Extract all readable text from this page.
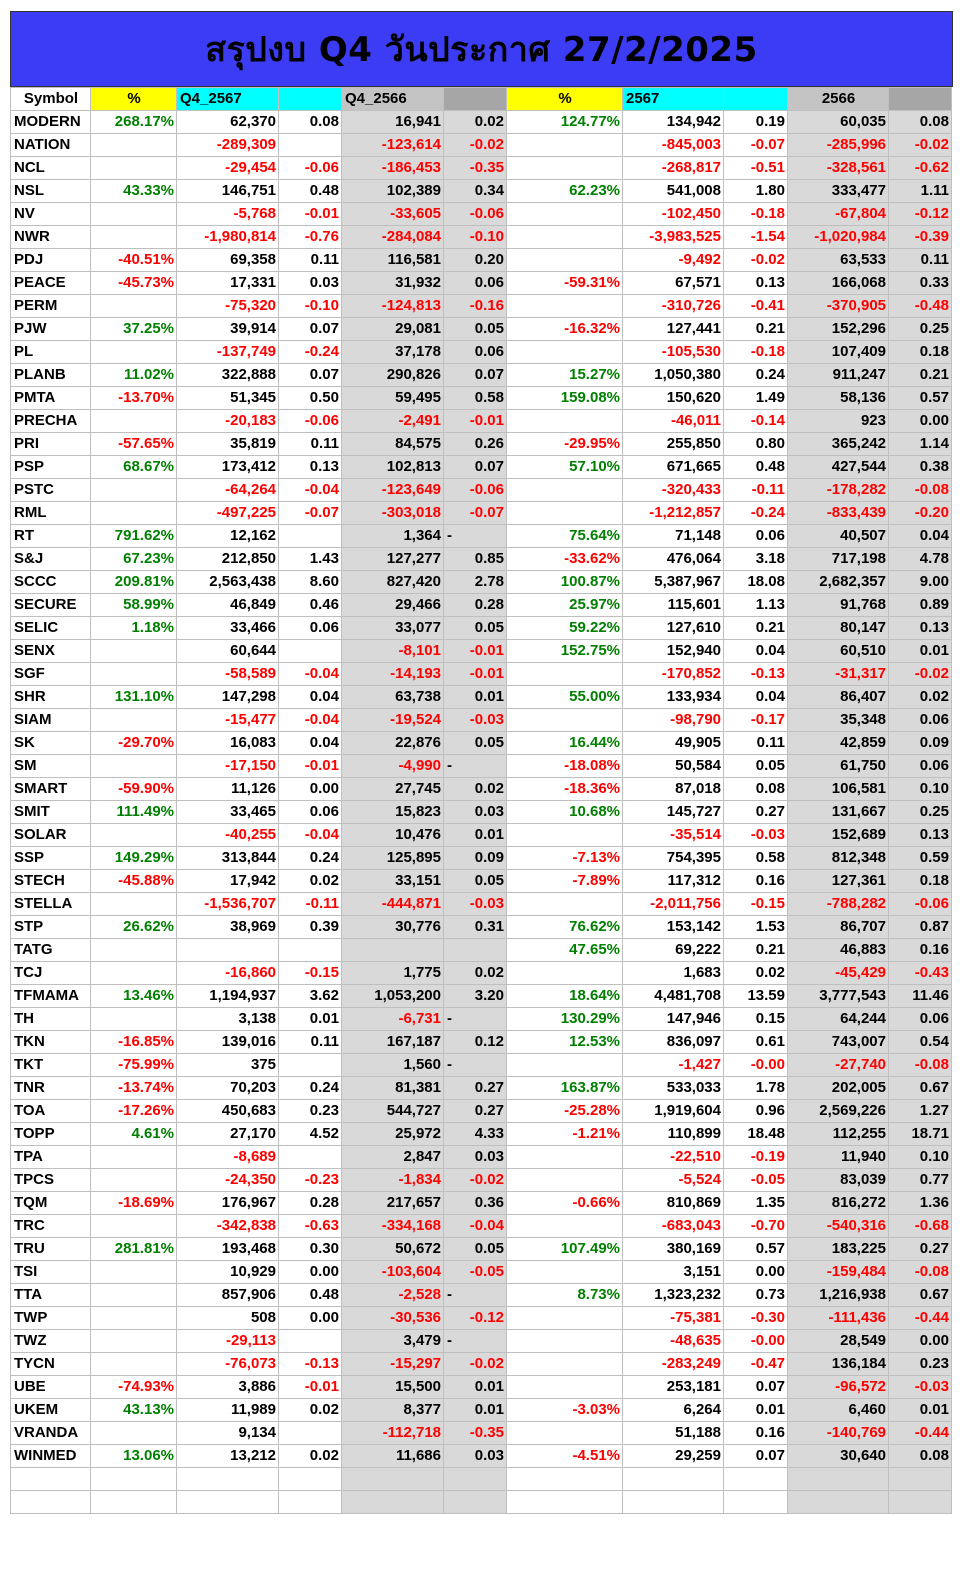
สรุปงบ Q4 วันประกาศ 27/2/2025
Symbol	%	Q4_2567		Q4_2566		%	2567		2566	
MODERN	268.17%	62,370	0.08	16,941	0.02	124.77%	134,942	0.19	60,035	0.08
NATION		-289,309		-123,614	-0.02		-845,003	-0.07	-285,996	-0.02
NCL		-29,454	-0.06	-186,453	-0.35		-268,817	-0.51	-328,561	-0.62
NSL	43.33%	146,751	0.48	102,389	0.34	62.23%	541,008	1.80	333,477	1.11
NV		-5,768	-0.01	-33,605	-0.06		-102,450	-0.18	-67,804	-0.12
NWR		-1,980,814	-0.76	-284,084	-0.10		-3,983,525	-1.54	-1,020,984	-0.39
PDJ	-40.51%	69,358	0.11	116,581	0.20		-9,492	-0.02	63,533	0.11
PEACE	-45.73%	17,331	0.03	31,932	0.06	-59.31%	67,571	0.13	166,068	0.33
PERM		-75,320	-0.10	-124,813	-0.16		-310,726	-0.41	-370,905	-0.48
PJW	37.25%	39,914	0.07	29,081	0.05	-16.32%	127,441	0.21	152,296	0.25
PL		-137,749	-0.24	37,178	0.06		-105,530	-0.18	107,409	0.18
PLANB	11.02%	322,888	0.07	290,826	0.07	15.27%	1,050,380	0.24	911,247	0.21
PMTA	-13.70%	51,345	0.50	59,495	0.58	159.08%	150,620	1.49	58,136	0.57
PRECHA		-20,183	-0.06	-2,491	-0.01		-46,011	-0.14	923	0.00
PRI	-57.65%	35,819	0.11	84,575	0.26	-29.95%	255,850	0.80	365,242	1.14
PSP	68.67%	173,412	0.13	102,813	0.07	57.10%	671,665	0.48	427,544	0.38
PSTC		-64,264	-0.04	-123,649	-0.06		-320,433	-0.11	-178,282	-0.08
RML		-497,225	-0.07	-303,018	-0.07		-1,212,857	-0.24	-833,439	-0.20
RT	791.62%	12,162		1,364	-	75.64%	71,148	0.06	40,507	0.04
S&J	67.23%	212,850	1.43	127,277	0.85	-33.62%	476,064	3.18	717,198	4.78
SCCC	209.81%	2,563,438	8.60	827,420	2.78	100.87%	5,387,967	18.08	2,682,357	9.00
SECURE	58.99%	46,849	0.46	29,466	0.28	25.97%	115,601	1.13	91,768	0.89
SELIC	1.18%	33,466	0.06	33,077	0.05	59.22%	127,610	0.21	80,147	0.13
SENX		60,644		-8,101	-0.01	152.75%	152,940	0.04	60,510	0.01
SGF		-58,589	-0.04	-14,193	-0.01		-170,852	-0.13	-31,317	-0.02
SHR	131.10%	147,298	0.04	63,738	0.01	55.00%	133,934	0.04	86,407	0.02
SIAM		-15,477	-0.04	-19,524	-0.03		-98,790	-0.17	35,348	0.06
SK	-29.70%	16,083	0.04	22,876	0.05	16.44%	49,905	0.11	42,859	0.09
SM		-17,150	-0.01	-4,990	-	-18.08%	50,584	0.05	61,750	0.06
SMART	-59.90%	11,126	0.00	27,745	0.02	-18.36%	87,018	0.08	106,581	0.10
SMIT	111.49%	33,465	0.06	15,823	0.03	10.68%	145,727	0.27	131,667	0.25
SOLAR		-40,255	-0.04	10,476	0.01		-35,514	-0.03	152,689	0.13
SSP	149.29%	313,844	0.24	125,895	0.09	-7.13%	754,395	0.58	812,348	0.59
STECH	-45.88%	17,942	0.02	33,151	0.05	-7.89%	117,312	0.16	127,361	0.18
STELLA		-1,536,707	-0.11	-444,871	-0.03		-2,011,756	-0.15	-788,282	-0.06
STP	26.62%	38,969	0.39	30,776	0.31	76.62%	153,142	1.53	86,707	0.87
TATG						47.65%	69,222	0.21	46,883	0.16
TCJ		-16,860	-0.15	1,775	0.02		1,683	0.02	-45,429	-0.43
TFMAMA	13.46%	1,194,937	3.62	1,053,200	3.20	18.64%	4,481,708	13.59	3,777,543	11.46
TH		3,138	0.01	-6,731	-	130.29%	147,946	0.15	64,244	0.06
TKN	-16.85%	139,016	0.11	167,187	0.12	12.53%	836,097	0.61	743,007	0.54
TKT	-75.99%	375		1,560	-		-1,427	-0.00	-27,740	-0.08
TNR	-13.74%	70,203	0.24	81,381	0.27	163.87%	533,033	1.78	202,005	0.67
TOA	-17.26%	450,683	0.23	544,727	0.27	-25.28%	1,919,604	0.96	2,569,226	1.27
TOPP	4.61%	27,170	4.52	25,972	4.33	-1.21%	110,899	18.48	112,255	18.71
TPA		-8,689		2,847	0.03		-22,510	-0.19	11,940	0.10
TPCS		-24,350	-0.23	-1,834	-0.02		-5,524	-0.05	83,039	0.77
TQM	-18.69%	176,967	0.28	217,657	0.36	-0.66%	810,869	1.35	816,272	1.36
TRC		-342,838	-0.63	-334,168	-0.04		-683,043	-0.70	-540,316	-0.68
TRU	281.81%	193,468	0.30	50,672	0.05	107.49%	380,169	0.57	183,225	0.27
TSI		10,929	0.00	-103,604	-0.05		3,151	0.00	-159,484	-0.08
TTA		857,906	0.48	-2,528	-	8.73%	1,323,232	0.73	1,216,938	0.67
TWP		508	0.00	-30,536	-0.12		-75,381	-0.30	-111,436	-0.44
TWZ		-29,113		3,479	-		-48,635	-0.00	28,549	0.00
TYCN		-76,073	-0.13	-15,297	-0.02		-283,249	-0.47	136,184	0.23
UBE	-74.93%	3,886	-0.01	15,500	0.01		253,181	0.07	-96,572	-0.03
UKEM	43.13%	11,989	0.02	8,377	0.01	-3.03%	6,264	0.01	6,460	0.01
VRANDA		9,134		-112,718	-0.35		51,188	0.16	-140,769	-0.44
WINMED	13.06%	13,212	0.02	11,686	0.03	-4.51%	29,259	0.07	30,640	0.08
